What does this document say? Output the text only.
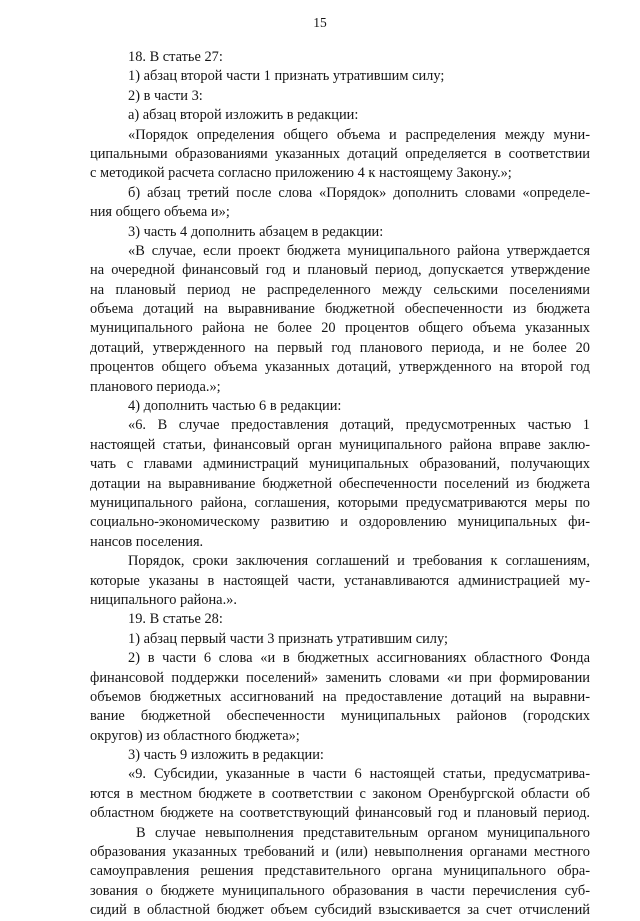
15
18. В статье 27:
1) абзац второй части 1 признать утратившим силу;
2) в части 3:
а) абзац второй изложить в редакции:
«Порядок определения общего объема и распределения между муни-
ципальными образованиями указанных дотаций определяется в соответствии
с методикой расчета согласно приложению 4 к настоящему Закону.»;
б) абзац третий после слова «Порядок» дополнить словами «определе-
ния общего объема и»;
3) часть 4 дополнить абзацем в редакции:
«В случае, если проект бюджета муниципального района утверждается
на очередной финансовый год и плановый период, допускается утверждение
на плановый период не распределенного между сельскими поселениями
объема дотаций на выравнивание бюджетной обеспеченности из бюджета
муниципального района не более 20 процентов общего объема указанных
дотаций, утвержденного на первый год планового периода, и не более 20
процентов общего объема указанных дотаций, утвержденного на второй год
планового периода.»;
4) дополнить частью 6 в редакции:
«6. В случае предоставления дотаций, предусмотренных частью 1
настоящей статьи, финансовый орган муниципального района вправе заклю-
чать с главами администраций муниципальных образований, получающих
дотации на выравнивание бюджетной обеспеченности поселений из бюджета
муниципального района, соглашения, которыми предусматриваются меры по
социально-экономическому развитию и оздоровлению муниципальных фи-
нансов поселения.
Порядок, сроки заключения соглашений и требования к соглашениям,
которые указаны в настоящей части, устанавливаются администрацией му-
ниципального района.».
19. В статье 28:
1) абзац первый части 3 признать утратившим силу;
2) в части 6 слова «и в бюджетных ассигнованиях областного Фонда
финансовой поддержки поселений» заменить словами «и при формировании
объемов бюджетных ассигнований на предоставление дотаций на выравни-
вание бюджетной обеспеченности муниципальных районов (городских
округов) из областного бюджета»;
3) часть 9 изложить в редакции:
«9. Субсидии, указанные в части 6 настоящей статьи, предусматрива-
ются в местном бюджете в соответствии с законом Оренбургской области об
областном бюджете на соответствующий финансовый год и плановый период.
В случае невыполнения представительным органом муниципального
образования указанных требований и (или) невыполнения органами местного
самоуправления решения представительного органа муниципального обра-
зования о бюджете муниципального образования в части перечисления суб-
сидий в областной бюджет объем субсидий взыскивается за счет отчислений
